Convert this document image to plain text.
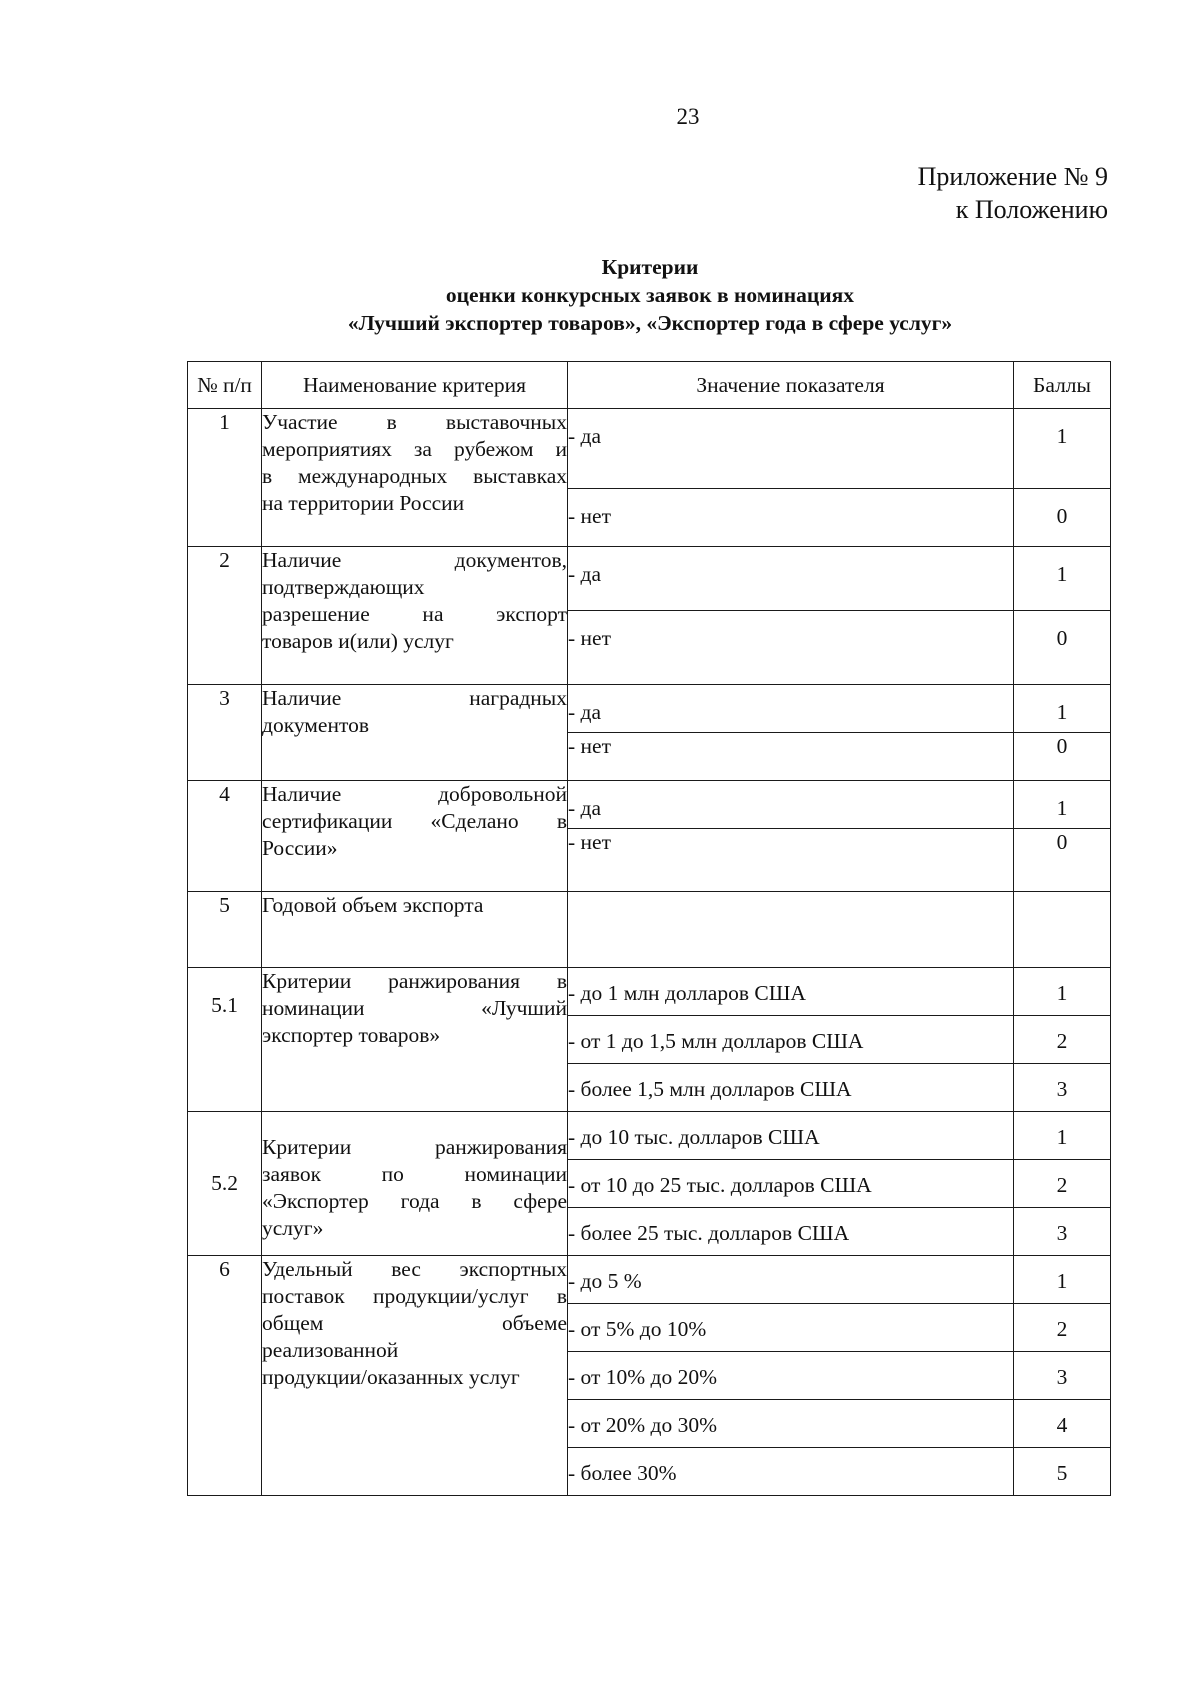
23
Приложение № 9
к Положению
Критерии
оценки конкурсных заявок в номинациях
«Лучший экспортер товаров», «Экспортер года в сфере услуг»
№ п/п	Наименование критерия	Значение показателя	Баллы
1	Участие в выставочных
мероприятиях за рубежом и
в международных выставках
на территории России	- да	1
		- нет	0
2	Наличие документов,
подтверждающих
разрешение на экспорт
товаров и(или) услуг	- да	1
		- нет	0
3	Наличие наградных
документов	- да	1
		- нет	0
4	Наличие добровольной
сертификации «Сделано в
России»	- да	1
		- нет	0
5	Годовой объем экспорта		

5.1	Критерии ранжирования в
номинации «Лучший
экспортер товаров»	- до 1 млн долларов США	1
		- от 1 до 1,5 млн долларов США	2
		- более 1,5 млн долларов США	3
5.2	Критерии ранжирования
заявок по номинации
«Экспортер года в сфере
услуг»	- до 10 тыс. долларов США	1
		- от 10 до 25 тыс. долларов США	2
		- более 25 тыс. долларов США	3
6	Удельный вес экспортных
поставок продукции/услуг в
общем объеме
реализованной
продукции/оказанных услуг	- до 5 %	1
		- от 5% до 10%	2
		- от 10% до 20%	3
		- от 20% до 30%	4
		- более 30%	5
